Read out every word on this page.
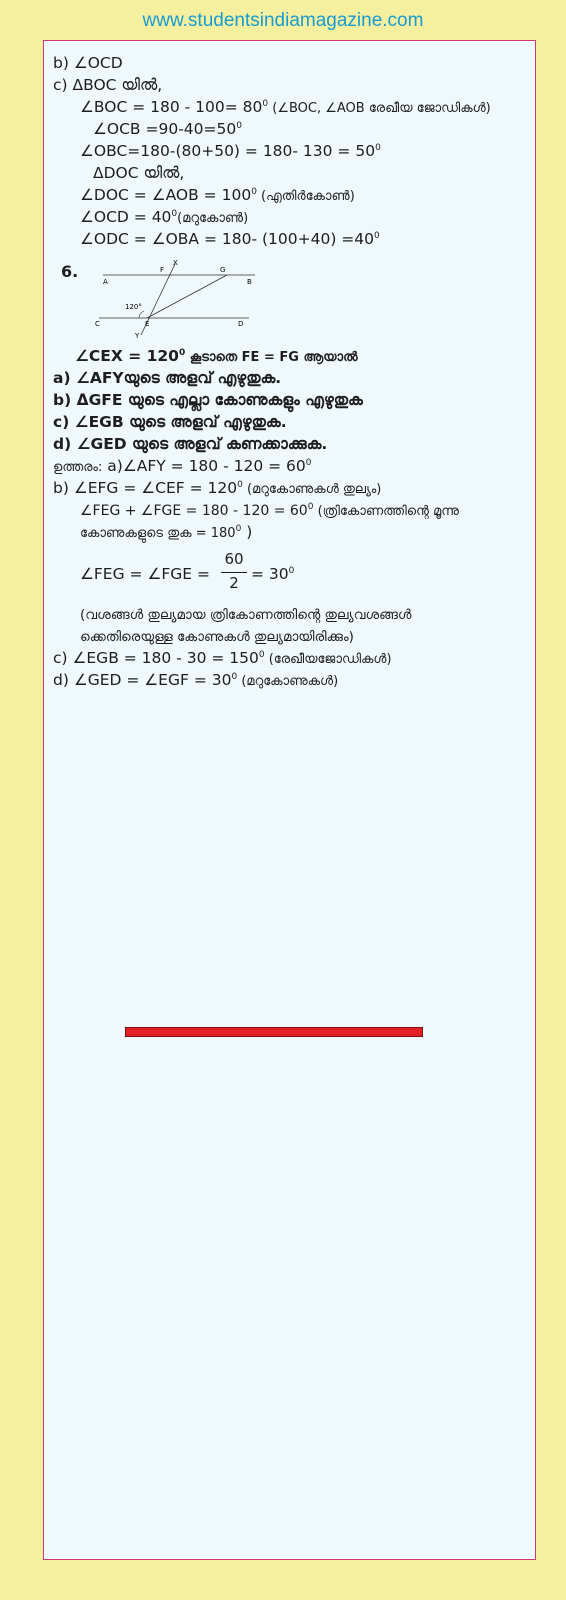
www.studentsindiamagazine.com
b) ∠OCD
c) ΔBOC യിൽ,
∠BOC = $180 - 100= 80^0$ (∠BOC, ∠AOB രേഖീയ ജോഡികൾ)
∠OCB $=90-40=50^0$
∠OBC=180-(80+50) = 180- $130 = 50^0$
ΔDOC യിൽ,
∠DOC = ∠AOB = $100^0$ (എതിർകോൺ)
∠OCD = $40^0(മറുകോൺ)$
∠ODC = ∠OBA = 180- $(100+40) =40^0$
6.	X
F	G
A	B
120°
C	E	D
Y
∠CEX = $120^0$ കൂടാതെ FE = FG ആയാൽ
a) ∠AFYയുടെ അളവ് എഴുതുക.
b) ΔGFE യുടെ എല്ലാ കോണുകളും എഴുതുക
c) ∠EGB യുടെ അളവ് എഴുതുക.
d) ∠GED യുടെ അളവ് കണക്കാക്കുക.
ഉത്തരം: a)∠AFY = $180 - 120 = 60^0$
b) ∠EFG = ∠CEF = $120^0$ (മറുകോണുകൾ തുല്യം)
∠FEG + ∠FGE = $180 - 120 = 60^0$ (ത്രികോണത്തിന്റെ മൂന്നു
കോണുകളുടെ തുക = $180^0$ )
∠FEG = ∠FGE =
60
$2 = 30^0$
(വശങ്ങൾ തുല്യമായ ത്രികോണത്തിന്റെ തുല്യവശങ്ങൾ
ക്കെതിരെയുള്ള കോണുകൾ തുല്യമായിരിക്കും)
c) ∠EGB = $180 - 30 = 150^0$ (രേഖീയജോഡികൾ)
d) ∠GED = ∠EGF = $30^0$ (മറുകോണുകൾ)
